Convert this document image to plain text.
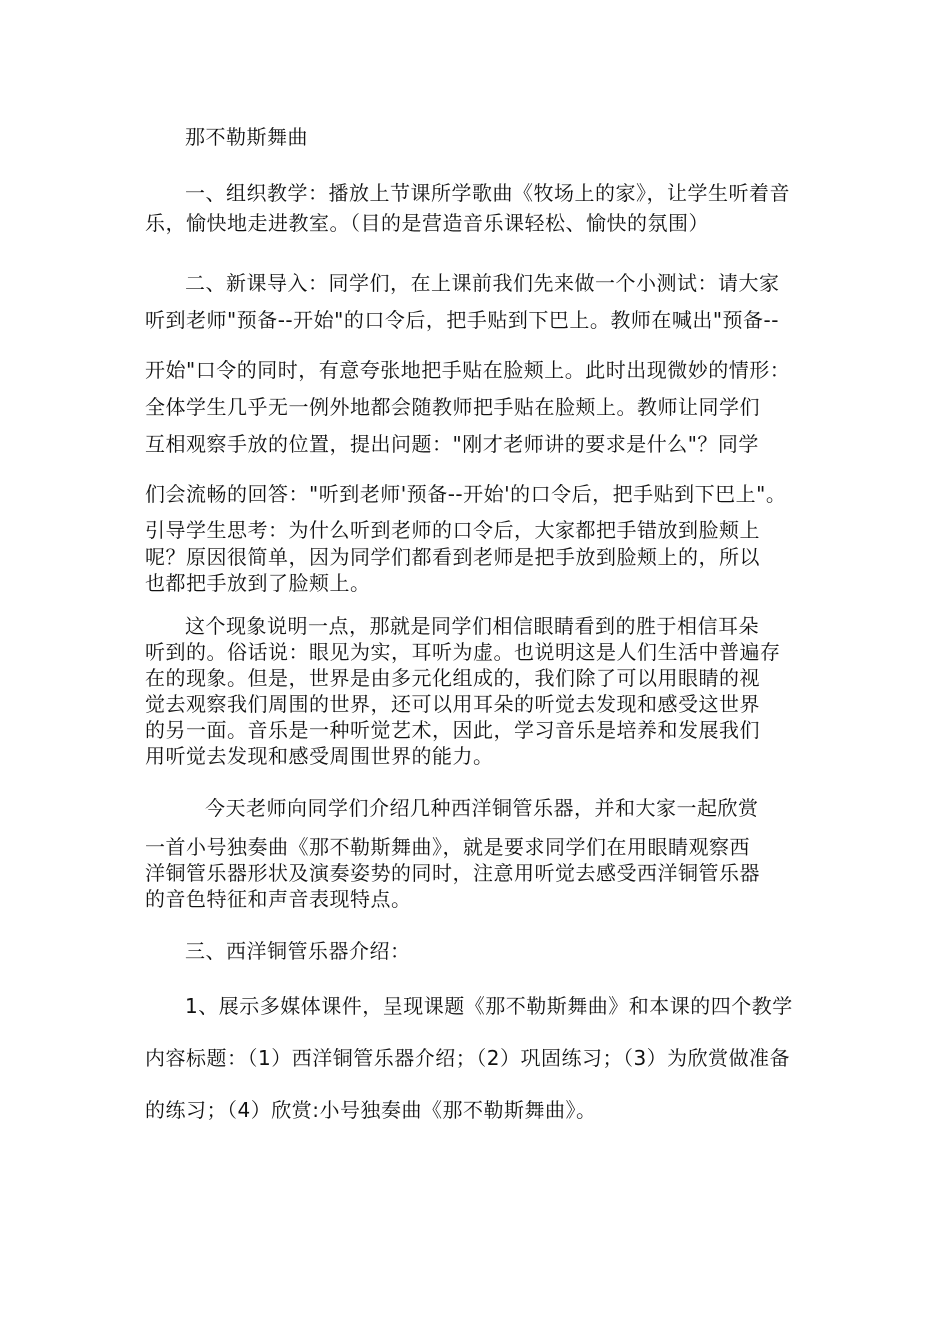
那不勒斯舞曲
一、组织教学：播放上节课所学歌曲《牧场上的家》，让学生听着音
乐，愉快地走进教室。（目的是营造音乐课轻松、愉快的氛围）
二、新课导入：同学们，在上课前我们先来做一个小测试：请大家
听到老师"预备--开始"的口令后，把手贴到下巴上。教师在喊出"预备--
开始"口令的同时，有意夸张地把手贴在脸颊上。此时出现微妙的情形：
全体学生几乎无一例外地都会随教师把手贴在脸颊上。教师让同学们
互相观察手放的位置，提出问题："刚才老师讲的要求是什么"？同学
们会流畅的回答："听到老师'预备--开始'的口令后，把手贴到下巴上"。
引导学生思考：为什么听到老师的口令后，大家都把手错放到脸颊上
呢？原因很简单，因为同学们都看到老师是把手放到脸颊上的，所以
也都把手放到了脸颊上。
这个现象说明一点，那就是同学们相信眼睛看到的胜于相信耳朵
听到的。俗话说：眼见为实，耳听为虚。也说明这是人们生活中普遍存
在的现象。但是，世界是由多元化组成的，我们除了可以用眼睛的视
觉去观察我们周围的世界，还可以用耳朵的听觉去发现和感受这世界
的另一面。音乐是一种听觉艺术，因此，学习音乐是培养和发展我们
用听觉去发现和感受周围世界的能力。
今天老师向同学们介绍几种西洋铜管乐器，并和大家一起欣赏
一首小号独奏曲《那不勒斯舞曲》，就是要求同学们在用眼睛观察西
洋铜管乐器形状及演奏姿势的同时，注意用听觉去感受西洋铜管乐器
的音色特征和声音表现特点。
三、西洋铜管乐器介绍：
1、展示多媒体课件，呈现课题《那不勒斯舞曲》和本课的四个教学
内容标题：（1）西洋铜管乐器介绍；（2）巩固练习；（3）为欣赏做准备
的练习；（4）欣赏:小号独奏曲《那不勒斯舞曲》。
